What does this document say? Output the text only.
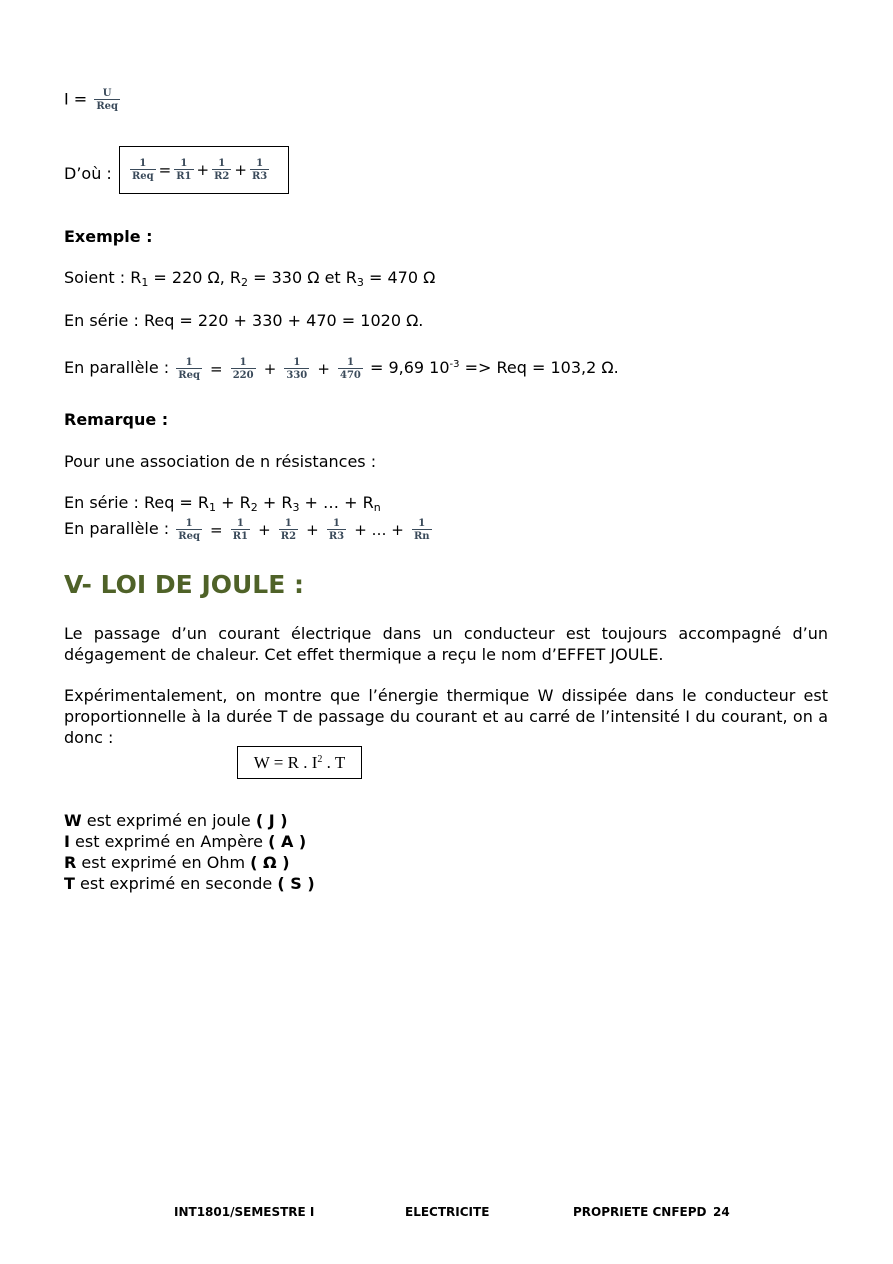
$I = \frac{U}{\text{Req}}$
D’où : $\frac{1}{\text{Req}} = \frac{1}{R1} + \frac{1}{R2} + \frac{1}{R3}$
Exemple :
Soient : $R_1 = 220$ Ω, $R_2 = 330$ Ω et $R_3 = 470$ Ω
En série : Req = 220 + 330 + 470 = 1020 Ω.
En parallèle : $\frac{1}{\text{Req}} = \frac{1}{220} + \frac{1}{330} + \frac{1}{470} = 9,69$ $10^{-3}$ => Req = 103,2 Ω.
Remarque :
Pour une association de n résistances :
En série : Req = $R_1 + R_2 + R_3$ + … + $R_n$
En parallèle : $\frac{1}{\text{Req}} = \frac{1}{R1} + \frac{1}{R2} + \frac{1}{R3}$ + … + $\frac{1}{Rn}$
V- LOI DE JOULE :
Le passage d’un courant électrique dans un conducteur est toujours accompagné d’un dégagement de chaleur. Cet effet thermique a reçu le nom d’EFFET JOULE.
Expérimentalement, on montre que l’énergie thermique W dissipée dans le conducteur est proportionnelle à la durée T de passage du courant et au carré de l’intensité I du courant, on a donc :
W = R . $I^2$ . T
W est exprimé en joule ( J )
I est exprimé en Ampère ( A )
R est exprimé en Ohm ( Ω )
T est exprimé en seconde ( S )
INT1801/SEMESTRE I	ELECTRICITE	PROPRIETE CNFEPD 24
